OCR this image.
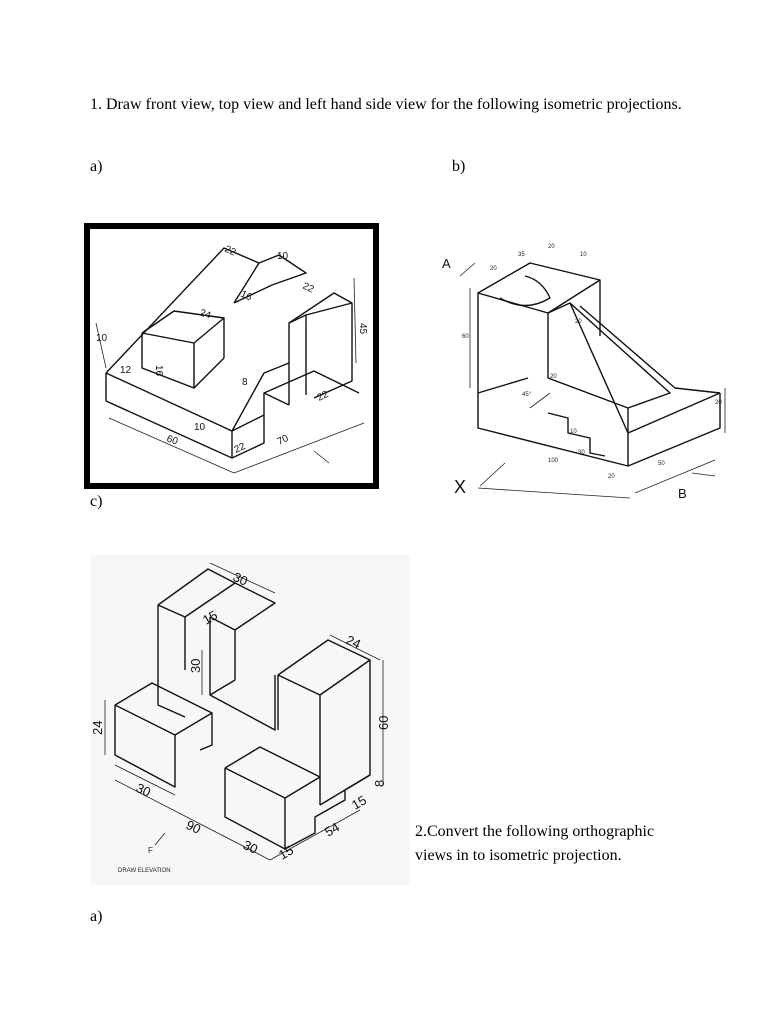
1. Draw front view, top view and left hand side view for the following isometric projections.
a)	b)
c)
22	10
16
22
24
45
10
12 16
8
10
60
22
22
70
A
X	B
35
20
20
10
60
20
45°
20
10
30
100
20
50
20
2.Convert the following orthographic views in to isometric projection.
30
15
30
24
24	60
8
30
90
15
30 15
54
F
DRAW ELEVATION
a)
